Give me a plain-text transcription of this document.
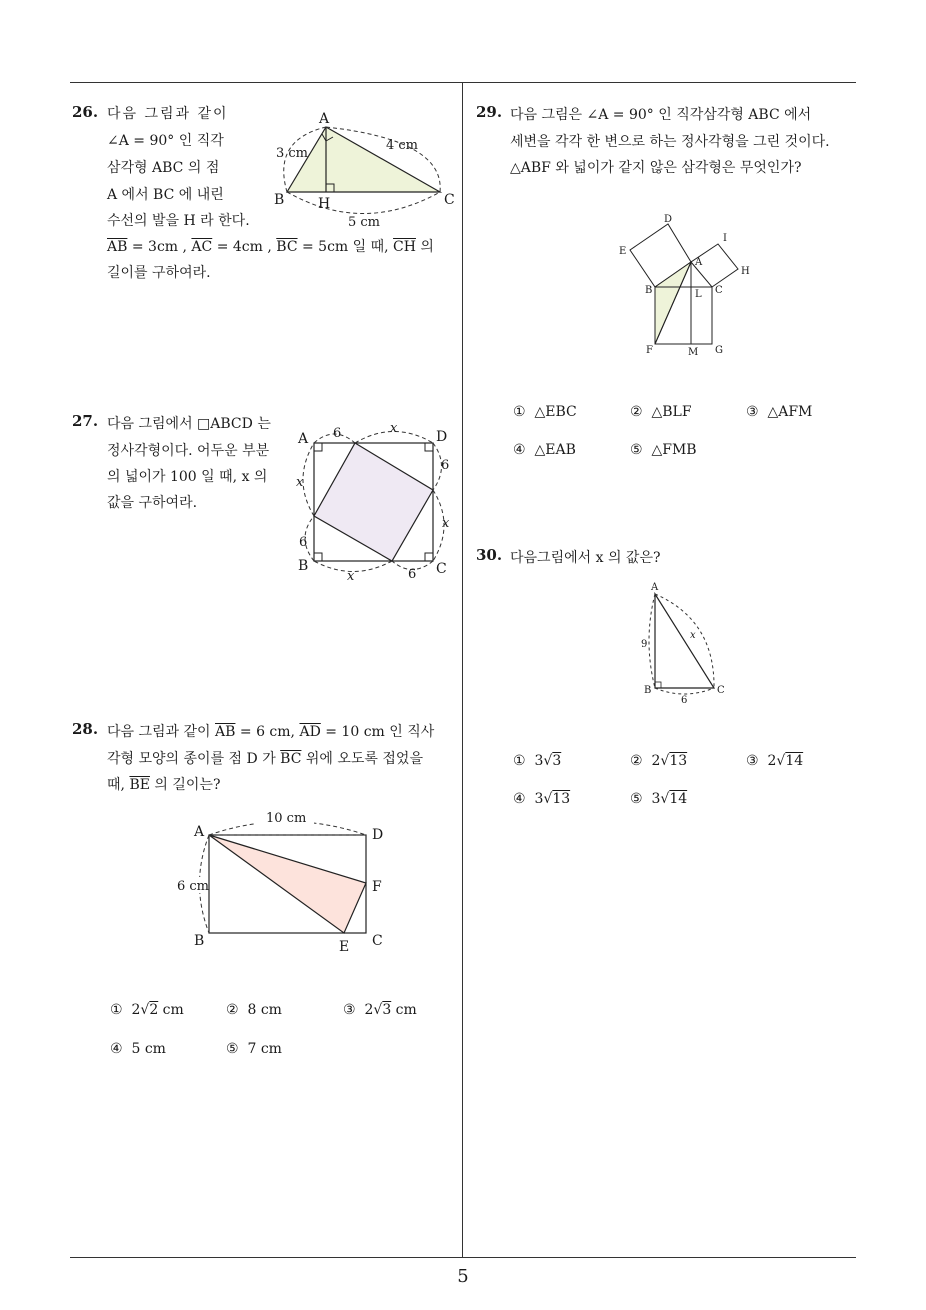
5
26. 다음 그림과 같이
∠A = 90° 인 직각
삼각형 ABC 의 점
A 에서 BC 에 내린
수선의 발을 H 라 한다.
$\overline{AB} = 3cm$ , $\overline{AC} = 4cm$ , $\overline{BC} = 5cm$ 일 때, $\overline{CH}$ 의
길이를 구하여라.
A
B	C
H
3 cm
4 cm
5 cm
27. 다음 그림에서 □ABCD 는
정사각형이다. 어두운 부분
의 넓이가 100 일 때, x 의
값을 구하여라.
A	D
B	C
6	x
6
x
6
x
6
x
28. 다음 그림과 같이 $\overline{AB} = 6$ cm, $\overline{AD} = 10$ cm 인 직사
각형 모양의 종이를 점 D 가 $\overline{BC}$ 위에 오도록 접었을
때, $\overline{BE}$ 의 길이는?
A	D
B	C
E
F
10 cm
6 cm
① 2√2 cm	② 8 cm	③ 2√3 cm
④ 5 cm	⑤ 7 cm
29. 다음 그림은 ∠A = 90° 인 직각삼각형 ABC 에서
세변을 각각 한 변으로 하는 정사각형을 그린 것이다.
△ABF 와 넓이가 같지 않은 삼각형은 무엇인가?
D
E
A
I
H
B	C
L
F	M G
① △EBC	② △BLF	③ △AFM
④ △EAB	⑤ △FMB
30. 다음그림에서 x 의 값은?
A
B	C
9
6
x
① 3√3	② 2√13	③ 2√14
④ 3√13	⑤ 3√14
